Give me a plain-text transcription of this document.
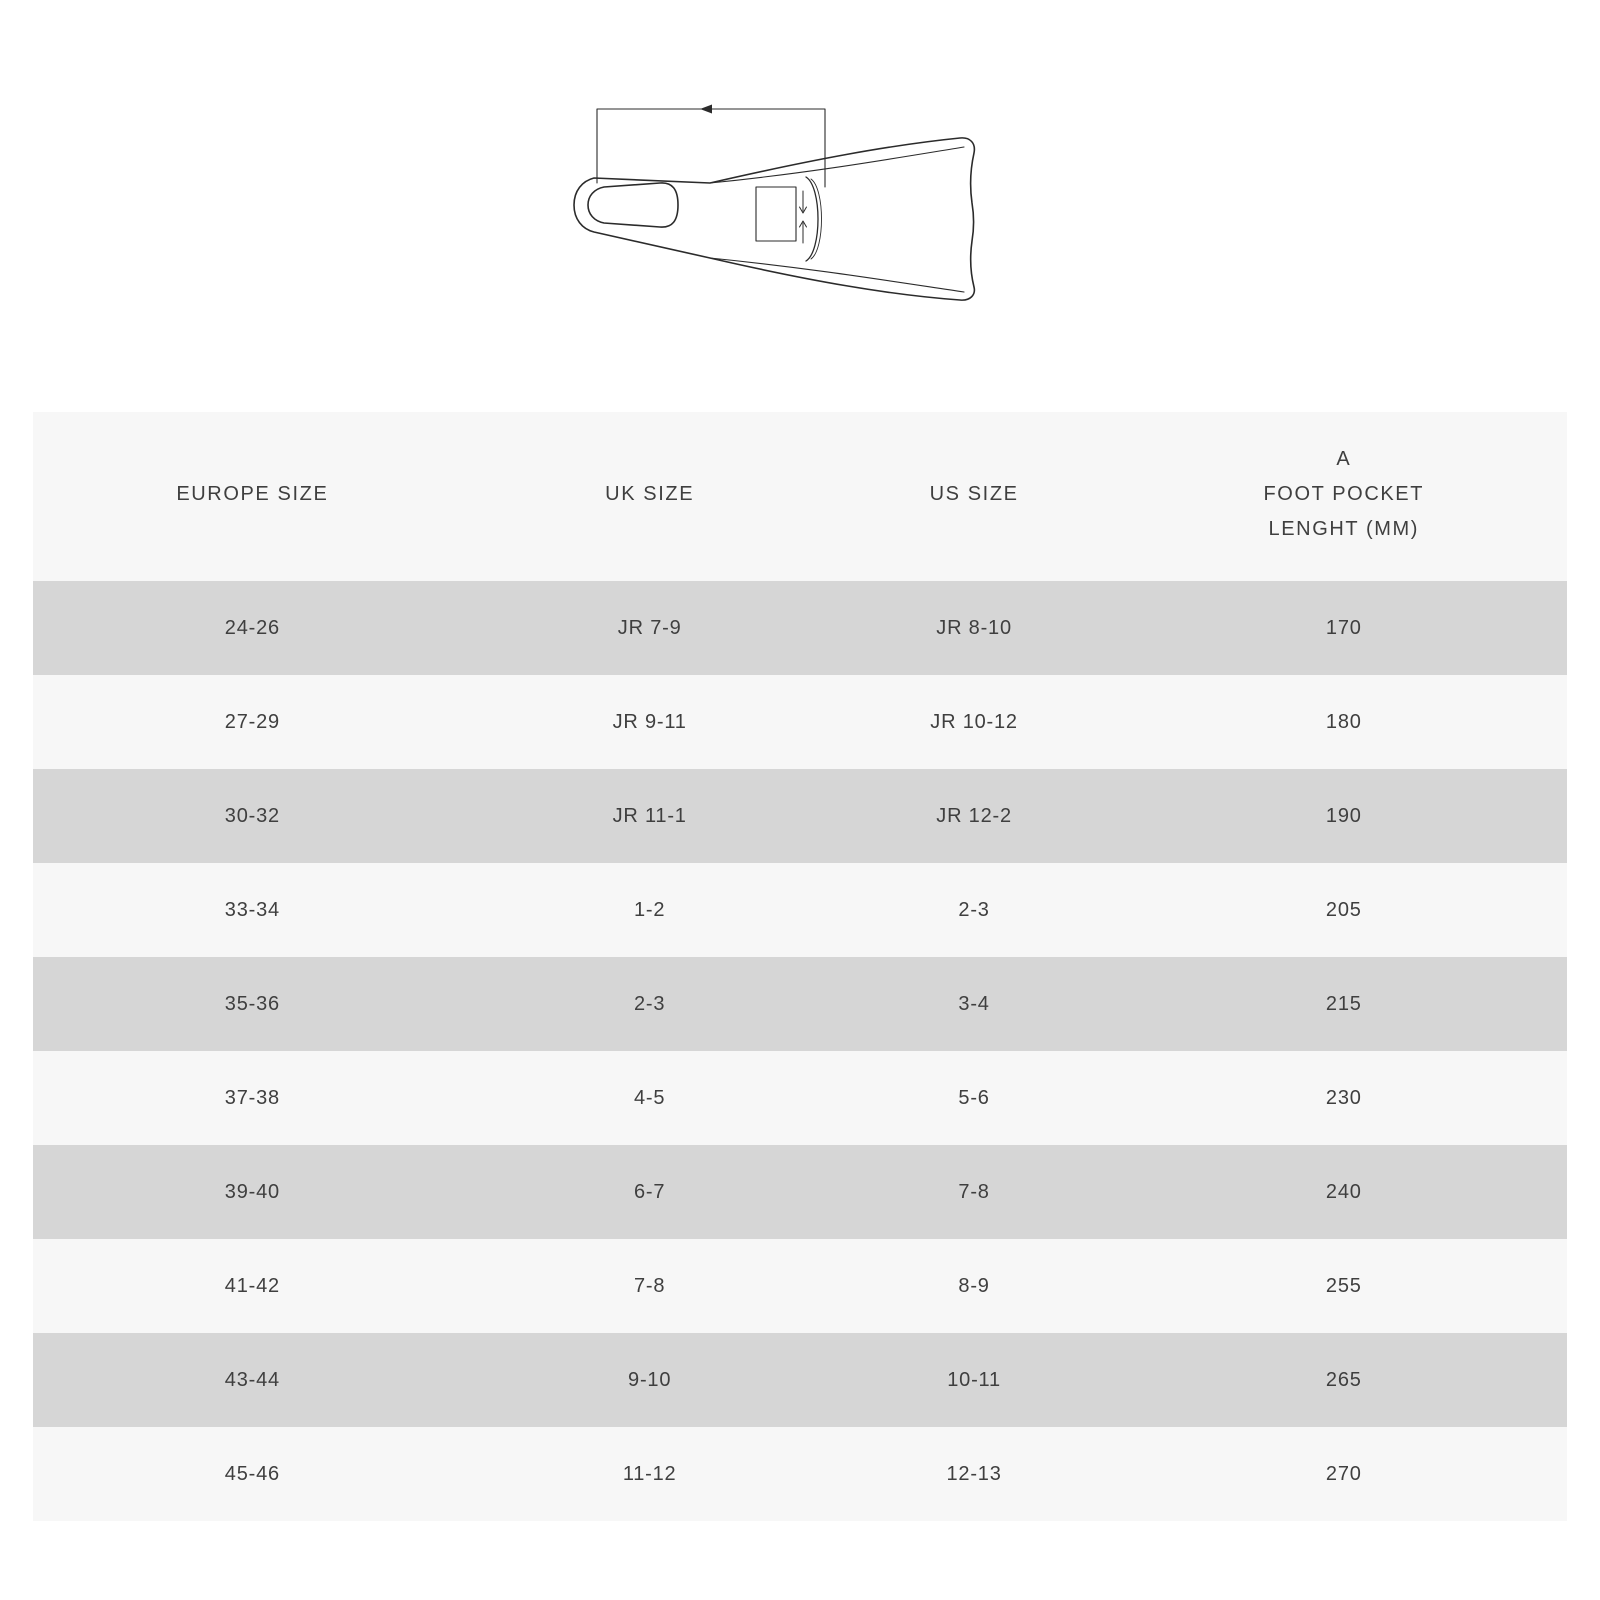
EUROPE SIZE	UK SIZE	US SIZE	A
FOOT POCKET
LENGHT (MM)

24-26	JR 7-9	JR 8-10	170
27-29	JR 9-11	JR 10-12	180
30-32	JR 11-1	JR 12-2	190
33-34	1-2	2-3	205
35-36	2-3	3-4	215
37-38	4-5	5-6	230
39-40	6-7	7-8	240
41-42	7-8	8-9	255
43-44	9-10	10-11	265
45-46	11-12	12-13	270
